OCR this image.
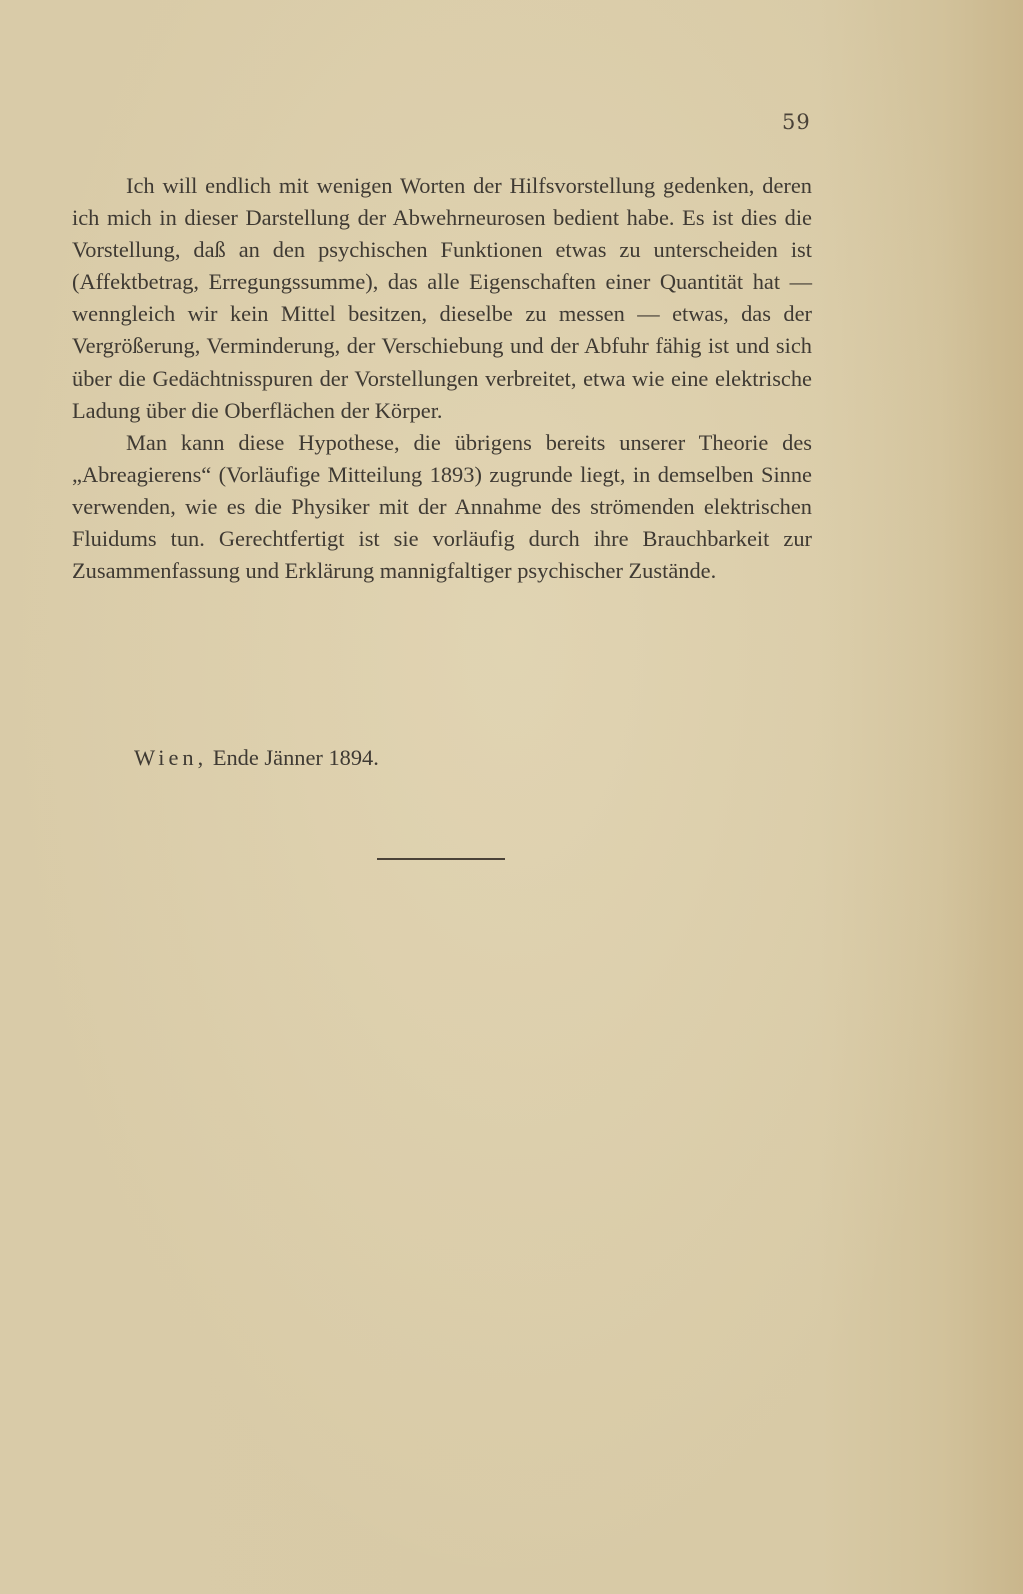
59

Ich will endlich mit wenigen Worten der Hilfsvorstellung gedenken, deren ich mich in dieser Darstellung der Abwehrneurosen bedient habe. Es ist dies die Vorstellung, daß an den psychischen Funktionen etwas zu unterscheiden ist (Affektbetrag, Erregungssumme), das alle Eigenschaften einer Quantität hat — wenngleich wir kein Mittel besitzen, dieselbe zu messen — etwas, das der Vergrößerung, Verminderung, der Verschiebung und der Abfuhr fähig ist und sich über die Gedächtnisspuren der Vorstellungen verbreitet, etwa wie eine elektrische Ladung über die Oberflächen der Körper.

Man kann diese Hypothese, die übrigens bereits unserer Theorie des „Abreagierens“ (Vorläufige Mitteilung 1893) zugrunde liegt, in demselben Sinne verwenden, wie es die Physiker mit der Annahme des strömenden elektrischen Fluidums tun. Gerechtfertigt ist sie vorläufig durch ihre Brauchbarkeit zur Zusammenfassung und Erklärung mannigfaltiger psychischer Zustände.

Wien, Ende Jänner 1894.
